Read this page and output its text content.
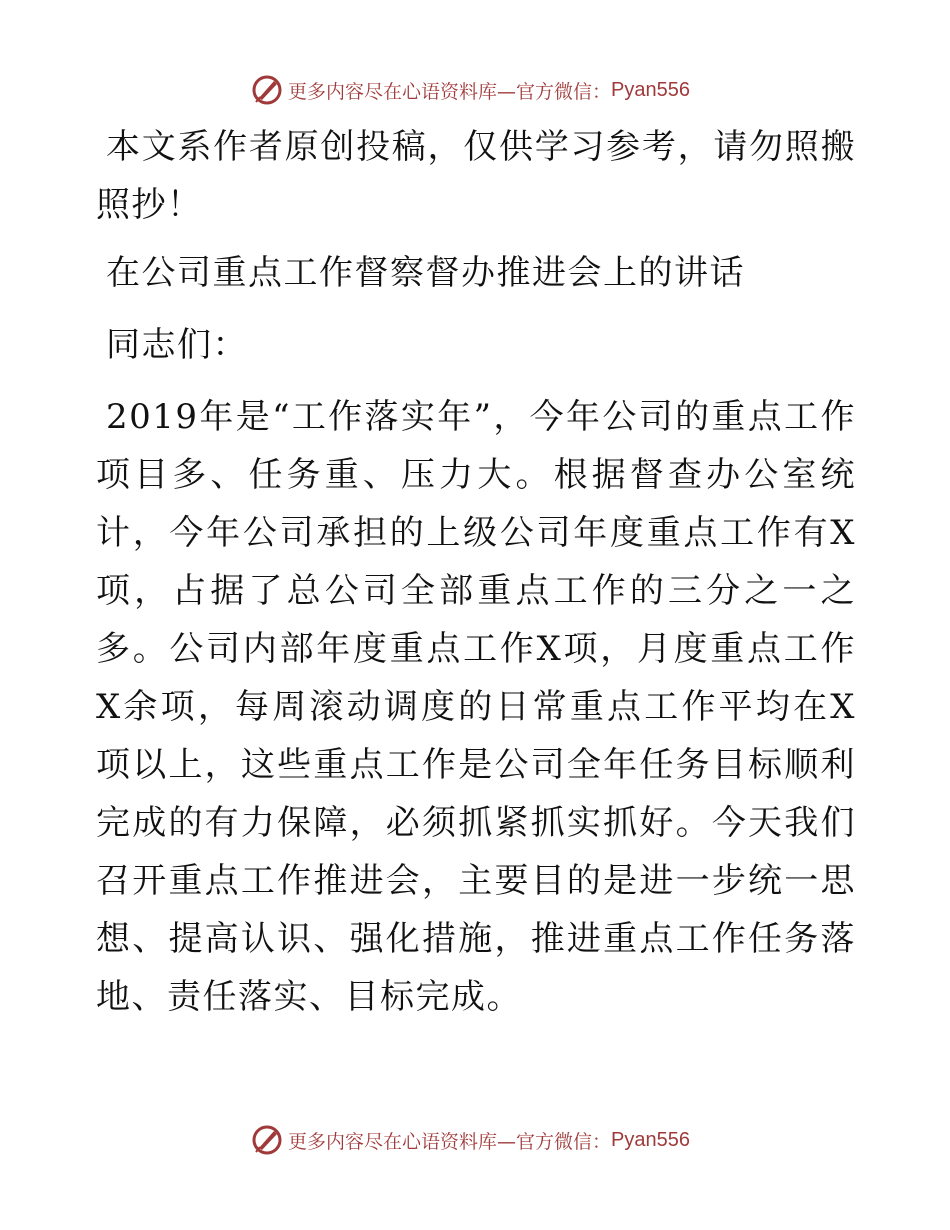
更多内容尽在心语资料库—官方微信： Pyan556

本文系作者原创投稿，仅供学习参考，请勿照搬照抄！

在公司重点工作督察督办推进会上的讲话

同志们：

2019年是“工作落实年”，今年公司的重点工作项目多、任务重、压力大。根据督查办公室统计，今年公司承担的上级公司年度重点工作有X项，占据了总公司全部重点工作的三分之一之多。公司内部年度重点工作X项，月度重点工作X余项，每周滚动调度的日常重点工作平均在X项以上，这些重点工作是公司全年任务目标顺利完成的有力保障，必须抓紧抓实抓好。今天我们召开重点工作推进会，主要目的是进一步统一思想、提高认识、强化措施，推进重点工作任务落地、责任落实、目标完成。

更多内容尽在心语资料库—官方微信： Pyan556
